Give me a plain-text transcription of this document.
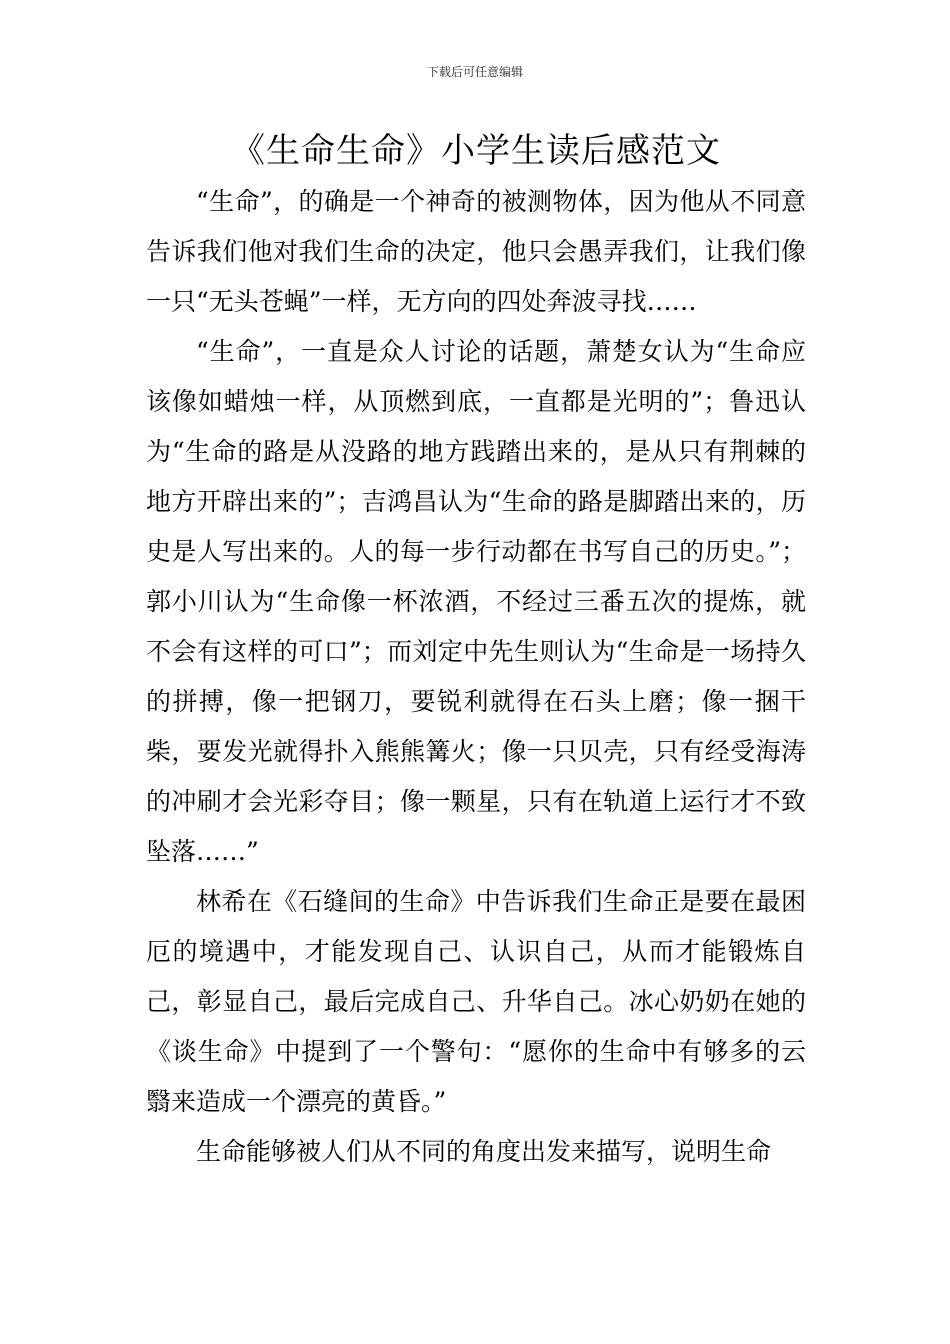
下载后可任意编辑
《生命生命》小学生读后感范文

“生命”，的确是一个神奇的被测物体，因为他从不同意告诉我们他对我们生命的决定，他只会愚弄我们，让我们像一只“无头苍蝇”一样，无方向的四处奔波寻找……

“生命”，一直是众人讨论的话题，萧楚女认为“生命应该像如蜡烛一样，从顶燃到底，一直都是光明的”；鲁迅认为“生命的路是从没路的地方践踏出来的，是从只有荆棘的地方开辟出来的”；吉鸿昌认为“生命的路是脚踏出来的，历史是人写出来的。人的每一步行动都在书写自己的历史。”；郭小川认为“生命像一杯浓酒，不经过三番五次的提炼，就不会有这样的可口”；而刘定中先生则认为“生命是一场持久的拼搏，像一把钢刀，要锐利就得在石头上磨；像一捆干柴，要发光就得扑入熊熊篝火；像一只贝壳，只有经受海涛的冲刷才会光彩夺目；像一颗星，只有在轨道上运行才不致坠落……”

林希在《石缝间的生命》中告诉我们生命正是要在最困厄的境遇中，才能发现自己、认识自己，从而才能锻炼自己，彰显自己，最后完成自己、升华自己。冰心奶奶在她的《谈生命》中提到了一个警句：“愿你的生命中有够多的云翳来造成一个漂亮的黄昏。”

生命能够被人们从不同的角度出发来描写，说明生命
